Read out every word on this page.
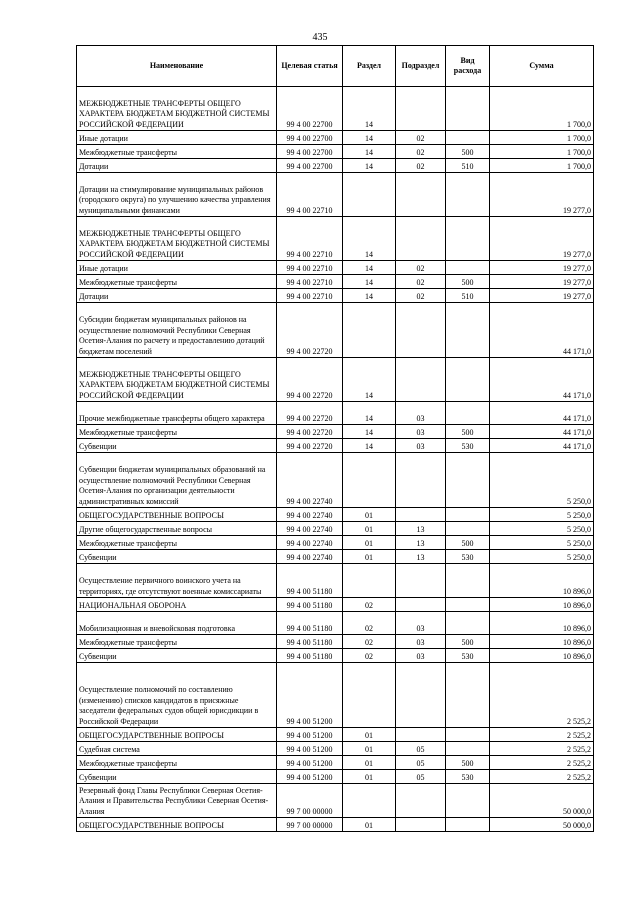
435
Наименование	Целевая статья	Раздел	Подраздел	Вид расхода	Сумма
МЕЖБЮДЖЕТНЫЕ ТРАНСФЕРТЫ ОБЩЕГО ХАРАКТЕРА БЮДЖЕТАМ БЮДЖЕТНОЙ СИСТЕМЫ РОССИЙСКОЙ ФЕДЕРАЦИИ	99 4 00 22700	14			1 700,0
Иные дотации	99 4 00 22700	14	02		1 700,0
Межбюджетные трансферты	99 4 00 22700	14	02	500	1 700,0
Дотации	99 4 00 22700	14	02	510	1 700,0
Дотации на стимулирование муниципальных районов (городского округа) по улучшению качества управления муниципальными финансами	99 4 00 22710				19 277,0
МЕЖБЮДЖЕТНЫЕ ТРАНСФЕРТЫ ОБЩЕГО ХАРАКТЕРА БЮДЖЕТАМ БЮДЖЕТНОЙ СИСТЕМЫ РОССИЙСКОЙ ФЕДЕРАЦИИ	99 4 00 22710	14			19 277,0
Иные дотации	99 4 00 22710	14	02		19 277,0
Межбюджетные трансферты	99 4 00 22710	14	02	500	19 277,0
Дотации	99 4 00 22710	14	02	510	19 277,0
Субсидии бюджетам муниципальных районов на осуществление полномочий Республики Северная Осетия-Алания по расчету и предоставлению дотаций бюджетам поселений	99 4 00 22720				44 171,0
МЕЖБЮДЖЕТНЫЕ ТРАНСФЕРТЫ ОБЩЕГО ХАРАКТЕРА БЮДЖЕТАМ БЮДЖЕТНОЙ СИСТЕМЫ РОССИЙСКОЙ ФЕДЕРАЦИИ	99 4 00 22720	14			44 171,0
Прочие межбюджетные трансферты общего характера	99 4 00 22720	14	03		44 171,0
Межбюджетные трансферты	99 4 00 22720	14	03	500	44 171,0
Субвенции	99 4 00 22720	14	03	530	44 171,0
Субвенции бюджетам муниципальных образований на осуществление полномочий Республики Северная Осетия-Алания по организации деятельности административных комиссий	99 4 00 22740				5 250,0
ОБЩЕГОСУДАРСТВЕННЫЕ ВОПРОСЫ	99 4 00 22740	01			5 250,0
Другие общегосударственные вопросы	99 4 00 22740	01	13		5 250,0
Межбюджетные трансферты	99 4 00 22740	01	13	500	5 250,0
Субвенции	99 4 00 22740	01	13	530	5 250,0
Осуществление первичного воинского учета на территориях, где отсутствуют военные комиссариаты	99 4 00 51180				10 896,0
НАЦИОНАЛЬНАЯ ОБОРОНА	99 4 00 51180	02			10 896,0
Мобилизационная и вневойсковая подготовка	99 4 00 51180	02	03		10 896,0
Межбюджетные трансферты	99 4 00 51180	02	03	500	10 896,0
Субвенции	99 4 00 51180	02	03	530	10 896,0
Осуществление полномочий по составлению (изменению) списков кандидатов в присяжные заседатели федеральных судов общей юрисдикции в Российской Федерации	99 4 00 51200				2 525,2
ОБЩЕГОСУДАРСТВЕННЫЕ ВОПРОСЫ	99 4 00 51200	01			2 525,2
Судебная система	99 4 00 51200	01	05		2 525,2
Межбюджетные трансферты	99 4 00 51200	01	05	500	2 525,2
Субвенции	99 4 00 51200	01	05	530	2 525,2
Резервный фонд Главы Республики Северная Осетия-Алания и Правительства Республики Северная Осетия-Алания	99 7 00 00000				50 000,0
ОБЩЕГОСУДАРСТВЕННЫЕ ВОПРОСЫ	99 7 00 00000	01			50 000,0
